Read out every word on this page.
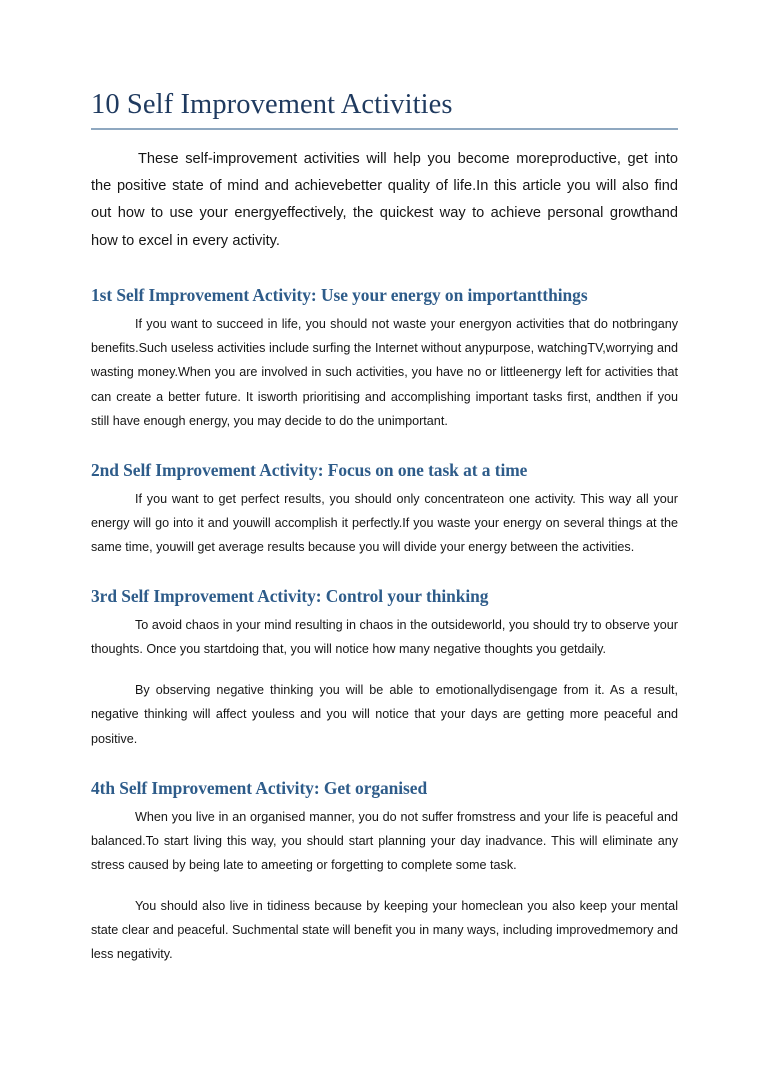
10 Self Improvement Activities

These self-improvement activities will help you become moreproductive, get into the positive state of mind and achievebetter quality of life.In this article you will also find out how to use your energyeffectively, the quickest way to achieve personal growthand how to excel in every activity.

1st Self Improvement Activity: Use your energy on importantthings

If you want to succeed in life, you should not waste your energyon activities that do notbringany benefits.Such useless activities include surfing the Internet without anypurpose, watchingTV,worrying and wasting money.When you are involved in such activities, you have no or littleenergy left for activities that can create a better future. It isworth prioritising and accomplishing important tasks first, andthen if you still have enough energy, you may decide to do the unimportant.

2nd Self Improvement Activity: Focus on one task at a time

If you want to get perfect results, you should only concentrateon one activity. This way all your energy will go into it and youwill accomplish it perfectly.If you waste your energy on several things at the same time, youwill get average results because you will divide your energy between the activities.

3rd Self Improvement Activity: Control your thinking

To avoid chaos in your mind resulting in chaos in the outsideworld, you should try to observe your thoughts. Once you startdoing that, you will notice how many negative thoughts you getdaily.

By observing negative thinking you will be able to emotionallydisengage from it. As a result, negative thinking will affect youless and you will notice that your days are getting more peaceful and positive.

4th Self Improvement Activity: Get organised

When you live in an organised manner, you do not suffer fromstress and your life is peaceful and balanced.To start living this way, you should start planning your day inadvance. This will eliminate any stress caused by being late to ameeting or forgetting to complete some task.

You should also live in tidiness because by keeping your homeclean you also keep your mental state clear and peaceful. Suchmental state will benefit you in many ways, including improvedmemory and less negativity.
